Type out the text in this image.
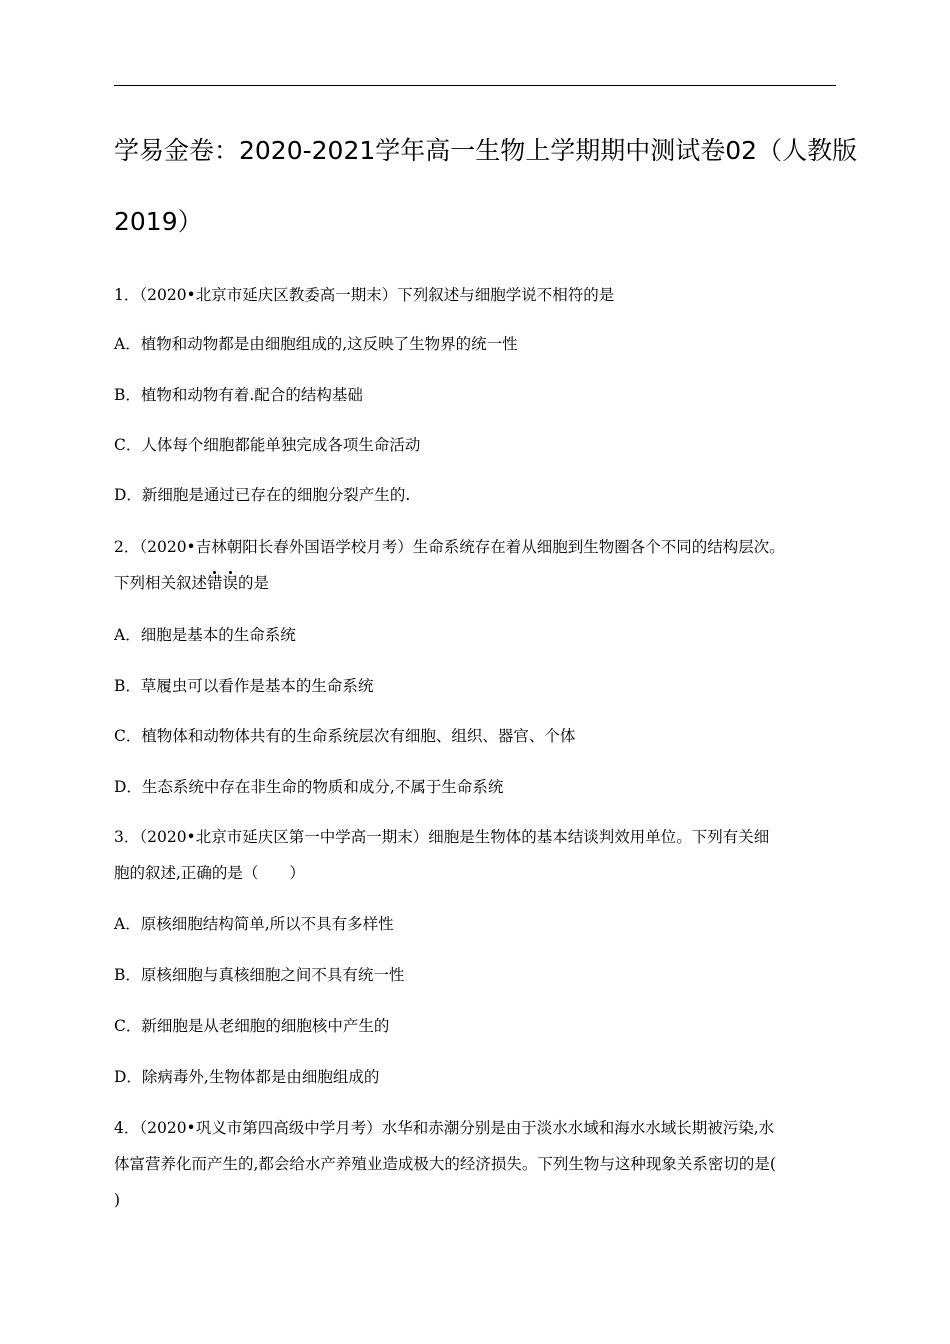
学易金卷：2020-2021学年高一生物上学期期中测试卷02（人教版
2019）
1．（2020•北京市延庆区教委高一期末）下列叙述与细胞学说不相符的是
A．植物和动物都是由细胞组成的,这反映了生物界的统一性
B．植物和动物有着.配合的结构基础
C．人体每个细胞都能单独完成各项生命活动
D．新细胞是通过已存在的细胞分裂产生的.
2．（2020•吉林朝阳长春外国语学校月考）生命系统存在着从细胞到生物圈各个不同的结构层次。
下列相关叙述错误的是
A．细胞是基本的生命系统
B．草履虫可以看作是基本的生命系统
C．植物体和动物体共有的生命系统层次有细胞、组织、器官、个体
D．生态系统中存在非生命的物质和成分,不属于生命系统
3．（2020•北京市延庆区第一中学高一期末）细胞是生物体的基本结谈判效用单位。下列有关细
胞的叙述,正确的是（　　）
A．原核细胞结构简单,所以不具有多样性
B．原核细胞与真核细胞之间不具有统一性
C．新细胞是从老细胞的细胞核中产生的
D．除病毒外,生物体都是由细胞组成的
4．（2020•巩义市第四高级中学月考）水华和赤潮分别是由于淡水水域和海水水域长期被污染,水
体富营养化而产生的,都会给水产养殖业造成极大的经济损失。下列生物与这种现象关系密切的是(
)
